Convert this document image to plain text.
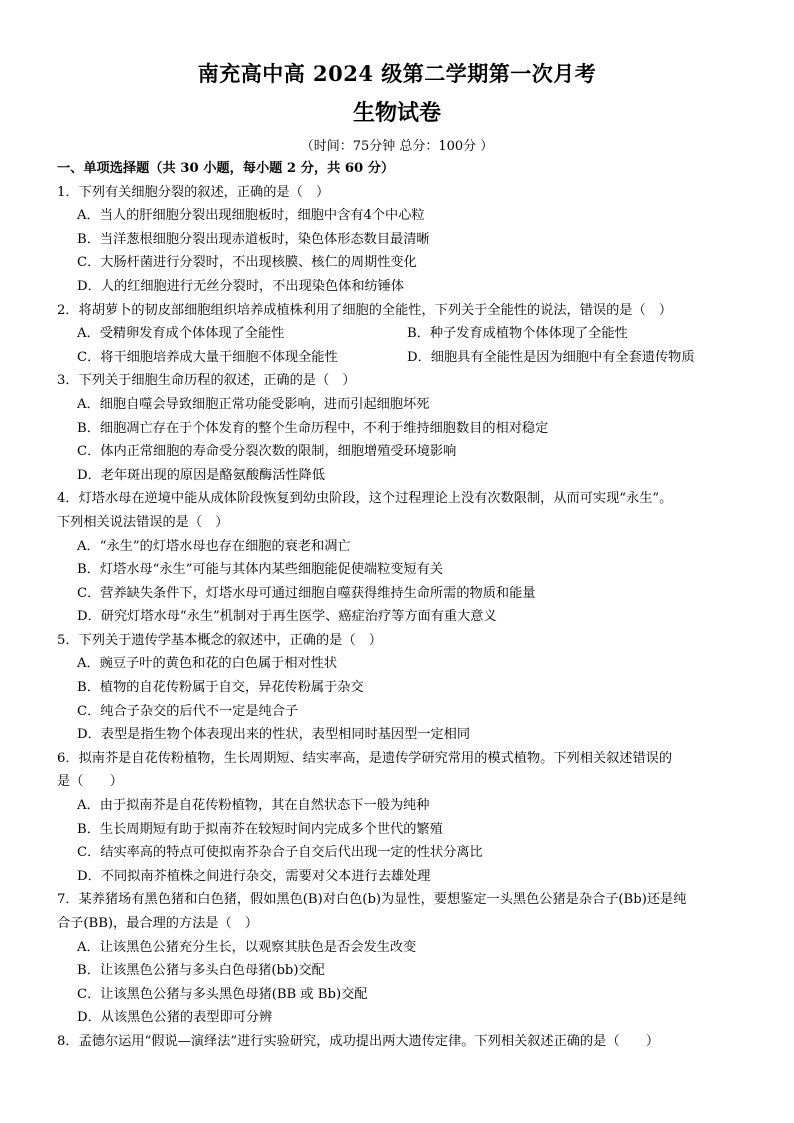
南充高中高 2024 级第二学期第一次月考
生物试卷
（时间：75分钟 总分：100分 ）
一、单项选择题（共 30 小题，每小题 2 分，共 60 分）
1．下列有关细胞分裂的叙述，正确的是（　）
A．当人的肝细胞分裂出现细胞板时，细胞中含有4个中心粒
B．当洋葱根细胞分裂出现赤道板时，染色体形态数目最清晰
C．大肠杆菌进行分裂时，不出现核膜、核仁的周期性变化
D．人的红细胞进行无丝分裂时，不出现染色体和纺锤体
2．将胡萝卜的韧皮部细胞组织培养成植株利用了细胞的全能性，下列关于全能性的说法，错误的是（　）
A．受精卵发育成个体体现了全能性	B．种子发育成植物个体体现了全能性
C．将干细胞培养成大量干细胞不体现全能性	D．细胞具有全能性是因为细胞中有全套遗传物质
3．下列关于细胞生命历程的叙述，正确的是（　）
A．细胞自噬会导致细胞正常功能受影响，进而引起细胞坏死
B．细胞凋亡存在于个体发育的整个生命历程中，不利于维持细胞数目的相对稳定
C．体内正常细胞的寿命受分裂次数的限制，细胞增殖受环境影响
D．老年斑出现的原因是酪氨酸酶活性降低
4．灯塔水母在逆境中能从成体阶段恢复到幼虫阶段，这个过程理论上没有次数限制，从而可实现“永生”。
下列相关说法错误的是（　）
A．“永生”的灯塔水母也存在细胞的衰老和凋亡
B．灯塔水母“永生”可能与其体内某些细胞能促使端粒变短有关
C．营养缺失条件下，灯塔水母可通过细胞自噬获得维持生命所需的物质和能量
D．研究灯塔水母“永生”机制对于再生医学、癌症治疗等方面有重大意义
5．下列关于遗传学基本概念的叙述中，正确的是（　）
A．豌豆子叶的黄色和花的白色属于相对性状
B．植物的自花传粉属于自交，异花传粉属于杂交
C．纯合子杂交的后代不一定是纯合子
D．表型是指生物个体表现出来的性状，表型相同时基因型一定相同
6．拟南芥是自花传粉植物，生长周期短、结实率高，是遗传学研究常用的模式植物。下列相关叙述错误的
是（　　）
A．由于拟南芥是自花传粉植物，其在自然状态下一般为纯种
B．生长周期短有助于拟南芥在较短时间内完成多个世代的繁殖
C．结实率高的特点可使拟南芥杂合子自交后代出现一定的性状分离比
D．不同拟南芥植株之间进行杂交，需要对父本进行去雄处理
7．某养猪场有黑色猪和白色猪，假如黑色(B)对白色(b)为显性，要想鉴定一头黑色公猪是杂合子(Bb)还是纯
合子(BB)，最合理的方法是（　）
A．让该黑色公猪充分生长，以观察其肤色是否会发生改变
B．让该黑色公猪与多头白色母猪(bb)交配
C．让该黑色公猪与多头黑色母猪(BB 或 Bb)交配
D．从该黑色公猪的表型即可分辨
8．孟德尔运用“假说—演绎法”进行实验研究，成功提出两大遗传定律。下列相关叙述正确的是（　　）
